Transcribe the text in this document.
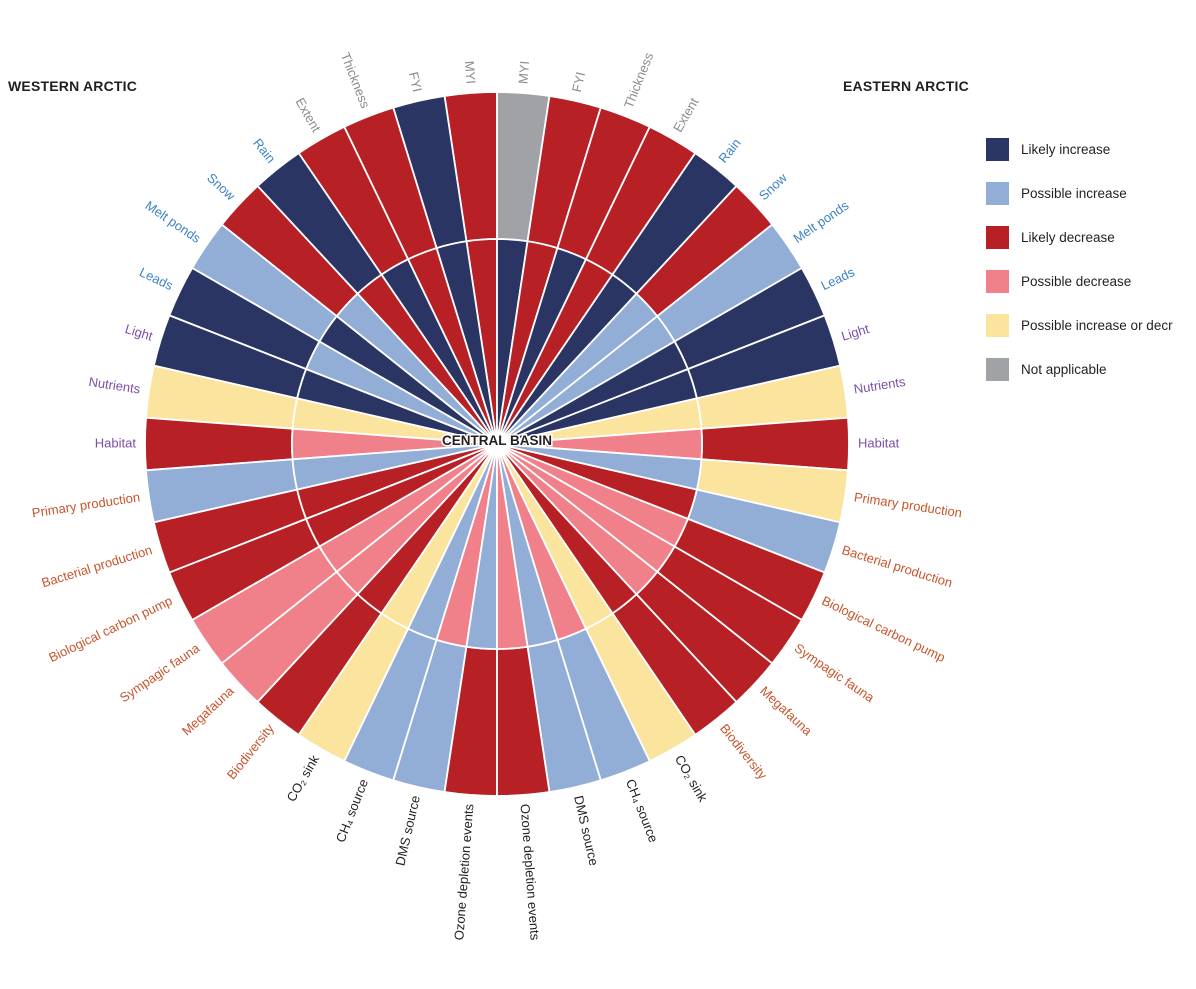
MYI	MYI
FYI	FYI
Thickness	Thickness
Extent	Extent
Rain	Rain
Snow	Snow
Melt ponds	Melt ponds
Leads	Leads
Light	Light
Nutrients	Nutrients
Habitat	Habitat
Primary production	Primary production
Bacterial production	Bacterial production
Biological carbon pump	Biological carbon pump
Sympagic fauna	Sympagic fauna
Megafauna	Megafauna
Biodiversity	Biodiversity
CO₂ sink	CO₂ sink
CH₄ source	CH₄ source
DMS source	DMS source
Ozone depletion events	Ozone depletion events
CENTRAL BASIN
WESTERN ARCTIC	EASTERN ARCTIC
Likely increase
Possible increase
Likely decrease
Possible decrease
Possible increase or decr
Not applicable
